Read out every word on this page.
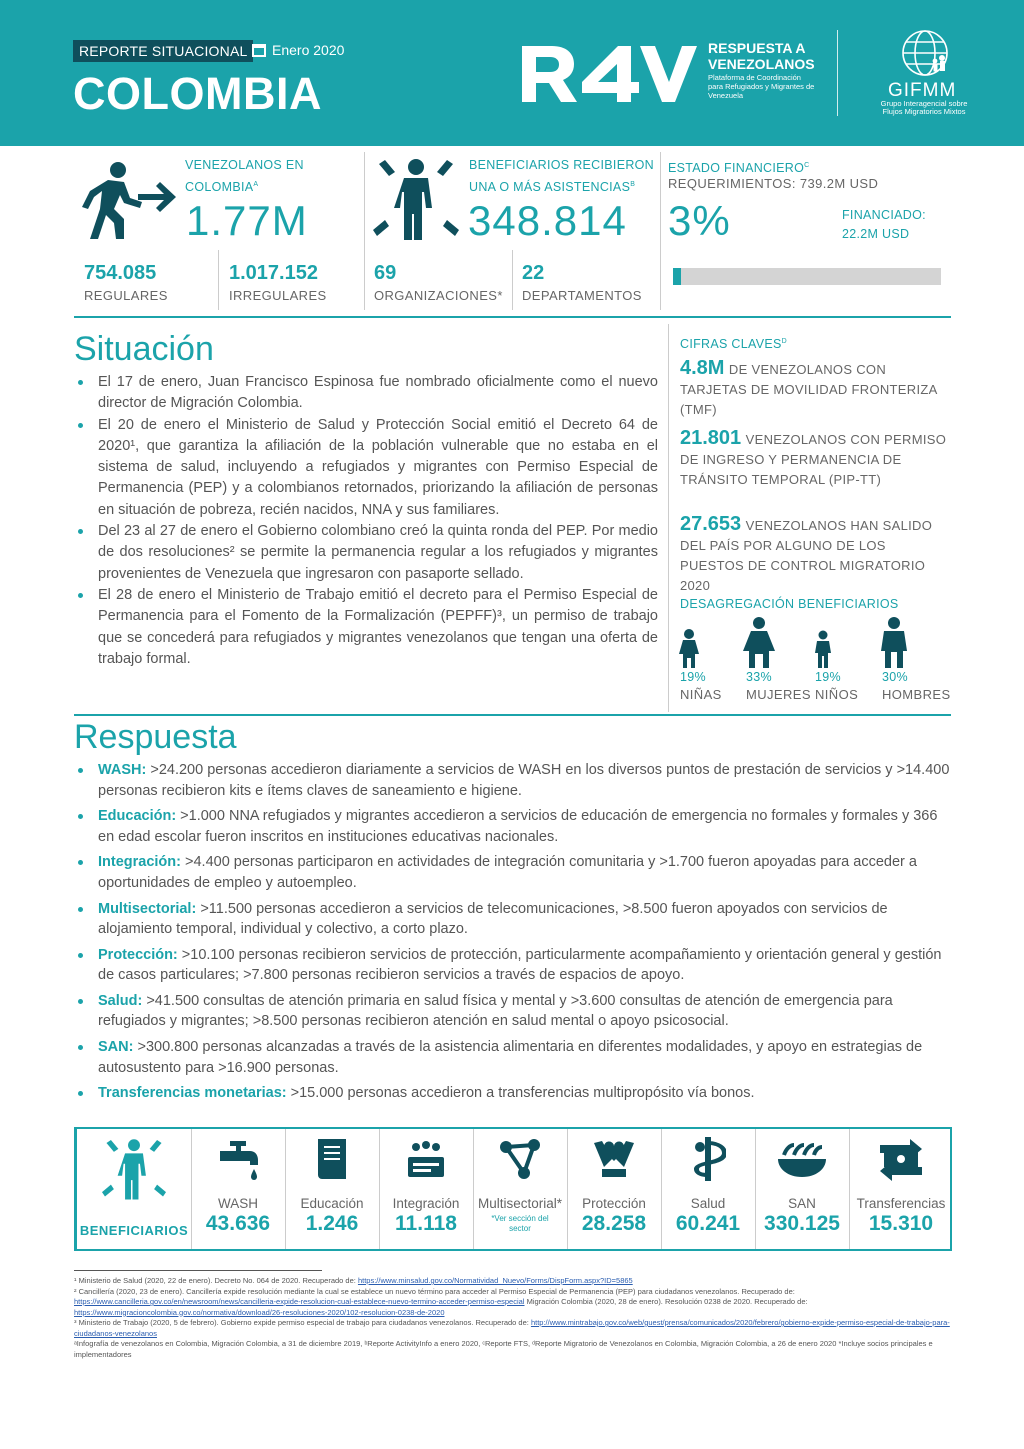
REPORTE SITUACIONAL	Enero 2020
COLOMBIA
RESPUESTA A VENEZOLANOS
Plataforma de Coordinación para Refugiados y Migrantes de Venezuela	GIFMM
Grupo Interagencial sobre Flujos Migratorios Mixtos
VENEZOLANOS EN $COLOMBIA^A$
1.77M
BENEFICIARIOS RECIBIERON UNA O MÁS $ASISTENCIAS^B$
348.814
ESTADO $FINANCIERO^C$
REQUERIMIENTOS: 739.2M USD
3%	FINANCIADO:
22.2M USD
754.085
REGULARES
1.017.152
IRREGULARES
69
ORGANIZACIONES*
22
DEPARTAMENTOS
Situación
El 17 de enero, Juan Francisco Espinosa fue nombrado oficialmente como el nuevo director de Migración Colombia.
El 20 de enero el Ministerio de Salud y Protección Social emitió el Decreto 64 de 2020¹, que garantiza la afiliación de la población vulnerable que no estaba en el sistema de salud, incluyendo a refugiados y migrantes con Permiso Especial de Permanencia (PEP) y a colombianos retornados, priorizando la afiliación de personas en situación de pobreza, recién nacidos, NNA y sus familiares.
Del 23 al 27 de enero el Gobierno colombiano creó la quinta ronda del PEP. Por medio de dos resoluciones² se permite la permanencia regular a los refugiados y migrantes provenientes de Venezuela que ingresaron con pasaporte sellado.
El 28 de enero el Ministerio de Trabajo emitió el decreto para el Permiso Especial de Permanencia para el Fomento de la Formalización (PEPFF)³, un permiso de trabajo que se concederá para refugiados y migrantes venezolanos que tengan una oferta de trabajo formal.
CIFRAS $CLAVES^D$
4.8M DE VENEZOLANOS CON TARJETAS DE MOVILIDAD FRONTERIZA (TMF)
21.801 VENEZOLANOS CON PERMISO DE INGRESO Y PERMANENCIA DE TRÁNSITO TEMPORAL (PIP-TT)
27.653 VENEZOLANOS HAN SALIDO DEL PAÍS POR ALGUNO DE LOS PUESTOS DE CONTROL MIGRATORIO 2020
DESAGREGACIÓN BENEFICIARIOS
19%
NIÑAS
33%
MUJERES
19%
NIÑOS
30%
HOMBRES
Respuesta
WASH: >24.200 personas accedieron diariamente a servicios de WASH en los diversos puntos de prestación de servicios y >14.400 personas recibieron kits e ítems claves de saneamiento e higiene.
Educación: >1.000 NNA refugiados y migrantes accedieron a servicios de educación de emergencia no formales y formales y 366 en edad escolar fueron inscritos en instituciones educativas nacionales.
Integración: >4.400 personas participaron en actividades de integración comunitaria y >1.700 fueron apoyadas para acceder a oportunidades de empleo y autoempleo.
Multisectorial: >11.500 personas accedieron a servicios de telecomunicaciones, >8.500 fueron apoyados con servicios de alojamiento temporal, individual y colectivo, a corto plazo.
Protección: >10.100 personas recibieron servicios de protección, particularmente acompañamiento y orientación general y gestión de casos particulares; >7.800 personas recibieron servicios a través de espacios de apoyo.
Salud: >41.500 consultas de atención primaria en salud física y mental y >3.600 consultas de atención de emergencia para refugiados y migrantes; >8.500 personas recibieron atención en salud mental o apoyo psicosocial.
SAN: >300.800 personas alcanzadas a través de la asistencia alimentaria en diferentes modalidades, y apoyo en estrategias de autosustento para >16.900 personas.
Transferencias monetarias: >15.000 personas accedieron a transferencias multipropósito vía bonos.
BENEFICIARIOS
WASH
43.636
Educación
1.246
Integración
11.118
Multisectorial*
*Ver sección del sector
Protección
28.258
Salud
60.241
SAN
330.125
Transferencias
15.310
¹ Ministerio de Salud (2020, 22 de enero). Decreto No. 064 de 2020. Recuperado de: https://www.minsalud.gov.co/Normatividad_Nuevo/Forms/DispForm.aspx?ID=5865
² Cancillería (2020, 23 de enero). Cancillería expide resolución mediante la cual se establece un nuevo término para acceder al Permiso Especial de Permanencia (PEP) para ciudadanos venezolanos. Recuperado de: https://www.cancilleria.gov.co/en/newsroom/news/cancilleria-expide-resolucion-cual-establece-nuevo-termino-acceder-permiso-especial Migración Colombia (2020, 28 de enero). Resolución 0238 de 2020. Recuperado de: https://www.migracioncolombia.gov.co/normativa/download/26-resoluciones-2020/102-resolucion-0238-de-2020
³ Ministerio de Trabajo (2020, 5 de febrero). Gobierno expide permiso especial de trabajo para ciudadanos venezolanos. Recuperado de: http://www.mintrabajo.gov.co/web/guest/prensa/comunicados/2020/febrero/gobierno-expide-permiso-especial-de-trabajo-para-ciudadanos-venezolanos
ᵃInfografía de venezolanos en Colombia, Migración Colombia, a 31 de diciembre 2019, ᵇReporte ActivityInfo a enero 2020, ᶜReporte FTS, ᵈReporte Migratorio de Venezolanos en Colombia, Migración Colombia, a 26 de enero 2020 *Incluye socios principales e implementadores
